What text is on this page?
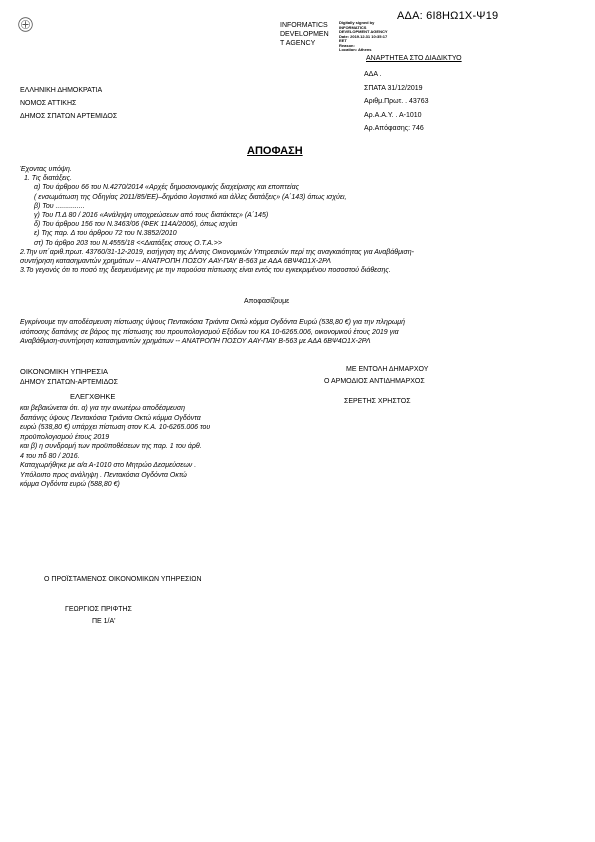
ΑΔΑ: 6Ι8ΗΩ1Χ-Ψ19
INFORMATICS
DEVELOPMEN
T AGENCY
Digitally signed by
INFORMATICS
DEVELOPMENT AGENCY
Date: 2019.12.31 10:35:17
EET
Reason:
Location: Athens
ΑΝΑΡΤΗΤΕΑ ΣΤΟ ΔΙΑΔΙΚΤΥΟ
ΕΛΛΗΝΙΚΗ ΔΗΜΟΚΡΑΤΙΑ
ΝΟΜΟΣ ΑΤΤΙΚΗΣ
ΔΗΜΟΣ ΣΠΑΤΩΝ ΑΡΤΕΜΙΔΟΣ
ΑΔΑ .
ΣΠΑΤΑ 31/12/2019
Αριθμ.Πρωτ. . 43763
Αρ.Α.Α.Υ. . Α-1010
Αρ.Απόφασης: 746
ΑΠΟΦΑΣΗ
Έχοντας υπόψη.
1. Τις διατάξεις.
α) Του άρθρου 66 του Ν.4270/2014 «Αρχές δημοσιονομικής διαχείρισης και εποπτείας
( ενσωμάτωση της Οδηγίας 2011/85/ΕΕ)–δημόσιο λογιστικό και άλλες διατάξεις» (Α΄143) όπως ισχύει,
β) Του ...............
γ) Του Π.Δ 80 / 2016 «Ανάληψη υποχρεώσεων από τους διατάκτες» (Α΄145)
δ) Του άρθρου 156 του Ν.3463/06 (ΦΕΚ 114Α/2006), όπως ισχύει
ε) Της παρ. Δ του άρθρου 72 του Ν.3852/2010
στ) Το άρθρο 203 του Ν.4555/18 <<Διατάξεις στους Ο.Τ.Α.>>
2.Την υπ΄αριθ.πρωτ. 43760/31-12-2019, εισήγηση της Δ/νσης Οικονομικών Υπηρεσιών περί της αναγκαιότητας για Αναβάθμιση-
συντήρηση κατασημαντών χρημάτων -- ΑΝΑΤΡΟΠΗ ΠΟΣΟΥ ΑΑΥ-ΠΑΥ Β-563 με ΑΔΑ 6ΒΨ4Ω1Χ-2ΡΛ
3.Το γεγονός ότι το ποσό της δεσμευόμενης με την παρούσα πίστωσης είναι εντός του εγκεκριμένου ποσοστού διάθεσης.
Αποφασίζουμε
Εγκρίνουμε την αποδέσμευση πίστωσης ύψους Πεντακόσια Τριάντα Οκτώ κόμμα Ογδόντα Ευρώ (538,80 €) για την πληρωμή
ισόποσης δαπάνης σε βάρος της πίστωσης του προυπολογισμού Εξόδων του ΚΑ 10-6265.006, οικονομικού έτους 2019 για
Αναβάθμιση-συντήρηση κατασημαντών χρημάτων -- ΑΝΑΤΡΟΠΗ ΠΟΣΟΥ ΑΑΥ-ΠΑΥ Β-563 με ΑΔΑ 6ΒΨ4Ω1Χ-2ΡΛ
ΟΙΚΟΝΟΜΙΚΗ ΥΠΗΡΕΣΙΑ
ΔΗΜΟΥ ΣΠΑΤΩΝ-ΑΡΤΕΜΙΔΟΣ
ΕΛΕΓΧΘΗΚΕ
και βεβαιώνεται ότι. α) για την ανωτέρω αποδέσμευση
δαπάνης ύψους Πεντακόσια Τριάντα Οκτώ κόμμα Ογδόντα
ευρώ (538,80 €) υπάρχει πίστωση στον Κ.Α. 10-6265.006 του
προϋπολογισμού έτους 2019
και β) η συνδρομή των προϋποθέσεων της παρ. 1 του άρθ.
4 του πδ 80 / 2016.
Καταχωρήθηκε με α/α Α-1010 στο Μητρώο Δεσμεύσεων .
Υπόλοιπο προς ανάληψη . Πεντακόσια Ογδόντα Οκτώ
κόμμα Ογδόντα ευρώ (588,80 €)
ΜΕ ΕΝΤΟΛΗ ΔΗΜΑΡΧΟΥ
Ο ΑΡΜΟΔΙΟΣ ΑΝΤΙΔΗΜΑΡΧΟΣ
ΣΕΡΕΤΗΣ ΧΡΗΣΤΟΣ
Ο ΠΡΟΪΣΤΑΜΕΝΟΣ ΟΙΚΟΝΟΜΙΚΩΝ ΥΠΗΡΕΣΙΩΝ
ΓΕΩΡΓΙΟΣ ΠΡΙΦΤΗΣ
ΠΕ 1/Α'
